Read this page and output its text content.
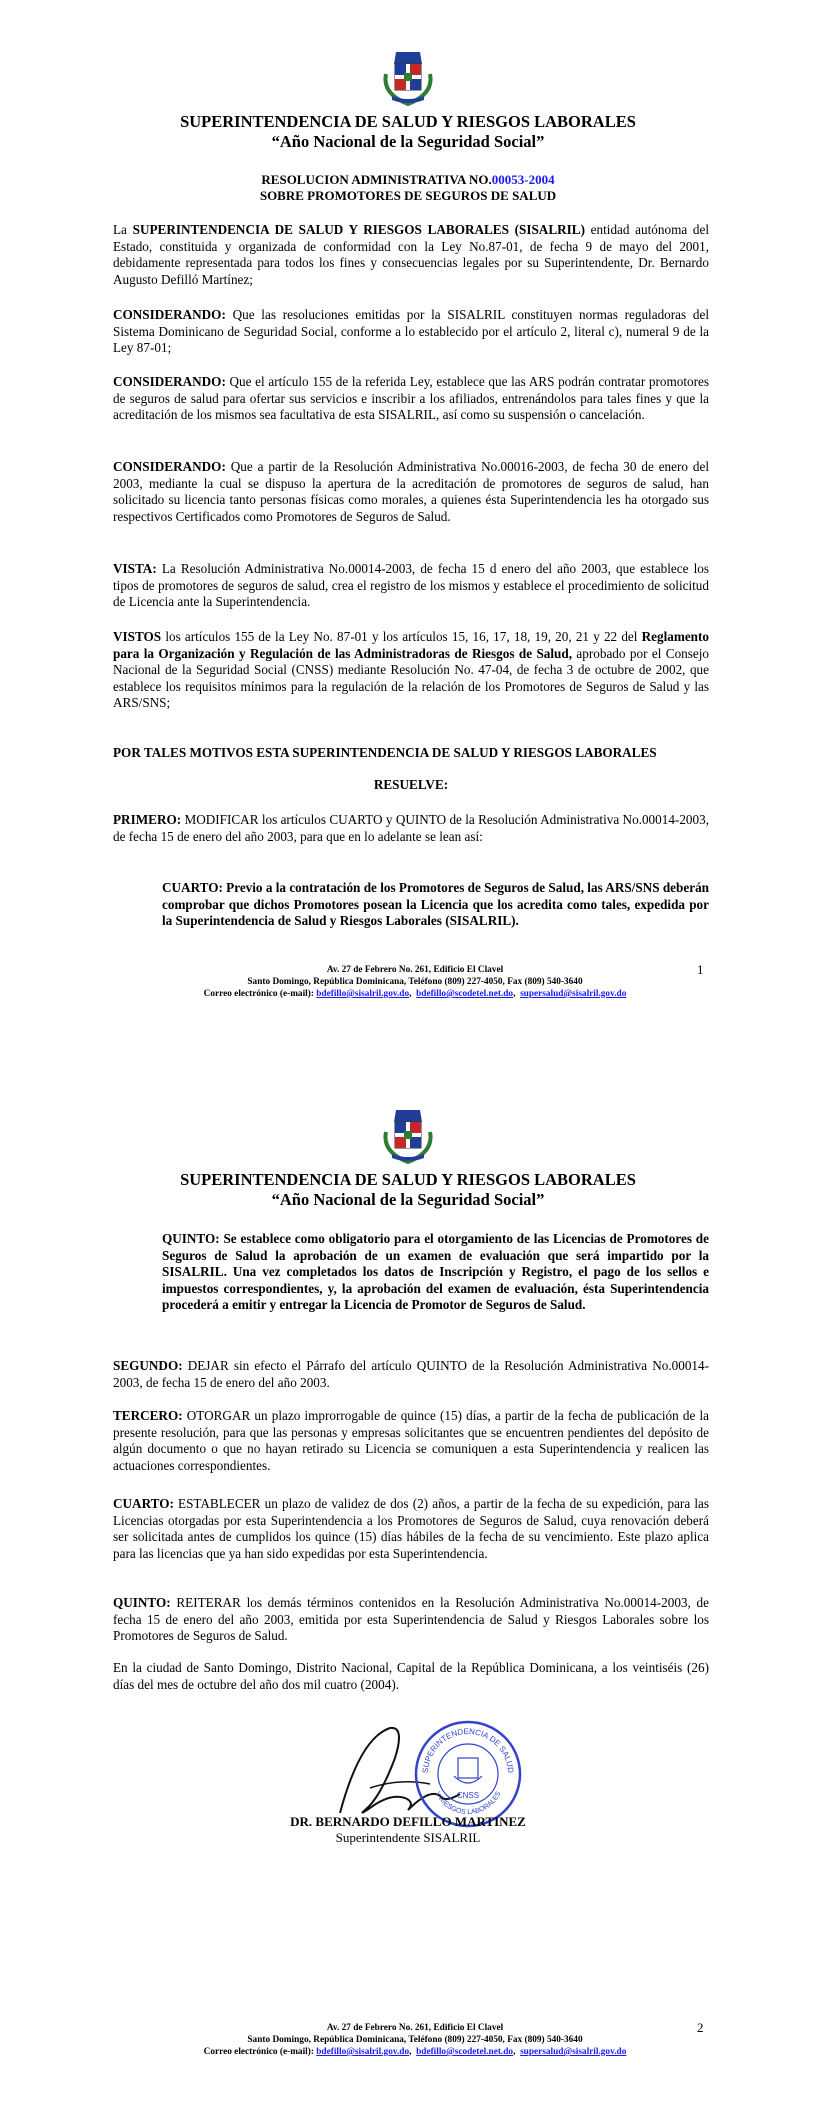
SUPERINTENDENCIA DE SALUD Y RIESGOS LABORALES
“Año Nacional de la Seguridad Social”
RESOLUCION ADMINISTRATIVA NO.00053-2004
SOBRE PROMOTORES DE SEGUROS DE SALUD
La SUPERINTENDENCIA DE SALUD Y RIESGOS LABORALES (SISALRIL) entidad autónoma del Estado, constituida y organizada de conformidad con la Ley No.87-01, de fecha 9 de mayo del 2001, debidamente representada para todos los fines y consecuencias legales por su Superintendente, Dr. Bernardo Augusto Defilló Martínez;
CONSIDERANDO: Que las resoluciones emitidas por la SISALRIL constituyen normas reguladoras del Sistema Dominicano de Seguridad Social, conforme a lo establecido por el artículo 2, literal c), numeral 9 de la Ley 87-01;
CONSIDERANDO: Que el artículo 155 de la referida Ley, establece que las ARS podrán contratar promotores de seguros de salud para ofertar sus servicios e inscribir a los afiliados, entrenándolos para tales fines y que la acreditación de los mismos sea facultativa de esta SISALRIL, así como su suspensión o cancelación.
CONSIDERANDO: Que a partir de la Resolución Administrativa No.00016-2003, de fecha 30 de enero del 2003, mediante la cual se dispuso la apertura de la acreditación de promotores de seguros de salud, han solicitado su licencia tanto personas físicas como morales, a quienes ésta Superintendencia les ha otorgado sus respectivos Certificados como Promotores de Seguros de Salud.
VISTA: La Resolución Administrativa No.00014-2003, de fecha 15 d enero del año 2003, que establece los tipos de promotores de seguros de salud, crea el registro de los mismos y establece el procedimiento de solicitud de Licencia ante la Superintendencia.
VISTOS los artículos 155 de la Ley No. 87-01 y los artículos 15, 16, 17, 18, 19, 20, 21 y 22 del Reglamento para la Organización y Regulación de las Administradoras de Riesgos de Salud, aprobado por el Consejo Nacional de la Seguridad Social (CNSS) mediante Resolución No. 47-04, de fecha 3 de octubre de 2002, que establece los requisitos mínimos para la regulación de la relación de los Promotores de Seguros de Salud y las ARS/SNS;
POR TALES MOTIVOS ESTA SUPERINTENDENCIA DE SALUD Y RIESGOS LABORALES
RESUELVE:
PRIMERO: MODIFICAR los artículos CUARTO y QUINTO de la Resolución Administrativa No.00014-2003, de fecha 15 de enero del año 2003, para que en lo adelante se lean así:
CUARTO: Previo a la contratación de los Promotores de Seguros de Salud, las ARS/SNS deberán comprobar que dichos Promotores posean la Licencia que los acredita como tales, expedida por la Superintendencia de Salud y Riesgos Laborales (SISALRIL).
Av. 27 de Febrero No. 261, Edificio El Clavel
Santo Domingo, República Dominicana, Teléfono (809) 227-4050, Fax (809) 540-3640
Correo electrónico (e-mail): bdefillo@sisalril.gov.do,  bdefillo@scodetel.net.do,  supersalud@sisalril.gov.do
1
SUPERINTENDENCIA DE SALUD Y RIESGOS LABORALES
“Año Nacional de la Seguridad Social”
QUINTO: Se establece como obligatorio para el otorgamiento de las Licencias de Promotores de Seguros de Salud la aprobación de un examen de evaluación que será impartido por la SISALRIL. Una vez completados los datos de Inscripción y Registro, el pago de los sellos e impuestos correspondientes, y, la aprobación del examen de evaluación, ésta Superintendencia procederá a emitir y entregar la Licencia de Promotor de Seguros de Salud.
SEGUNDO: DEJAR sin efecto el Párrafo del artículo QUINTO de la Resolución Administrativa No.00014-2003, de fecha 15 de enero del año 2003.
TERCERO: OTORGAR un plazo improrrogable de quince (15) días, a partir de la fecha de publicación de la presente resolución, para que las personas y empresas solicitantes que se encuentren pendientes del depósito de algún documento o que no hayan retirado su Licencia se comuniquen a esta Superintendencia y realicen las actuaciones correspondientes.
CUARTO: ESTABLECER un plazo de validez de dos (2) años, a partir de la fecha de su expedición, para las Licencias otorgadas por esta Superintendencia a los Promotores de Seguros de Salud, cuya renovación deberá ser solicitada antes de cumplidos los quince (15) días hábiles de la fecha de su vencimiento. Este plazo aplica para las licencias que ya han sido expedidas por esta Superintendencia.
QUINTO: REITERAR los demás términos contenidos en la Resolución Administrativa No.00014-2003, de fecha 15 de enero del año 2003, emitida por esta Superintendencia de Salud y Riesgos Laborales sobre los Promotores de Seguros de Salud.
En la ciudad de Santo Domingo, Distrito Nacional, Capital de la República Dominicana, a los veintiséis (26) días del mes de octubre del año dos mil cuatro (2004).
SUPERINTENDENCIA DE SALUD
Y RIESGOS LABORALES
CNSS
DR. BERNARDO DEFILLO MARTINEZ
Superintendente SISALRIL
Av. 27 de Febrero No. 261, Edificio El Clavel
Santo Domingo, República Dominicana, Teléfono (809) 227-4050, Fax (809) 540-3640
Correo electrónico (e-mail): bdefillo@sisalril.gov.do,  bdefillo@scodetel.net.do,  supersalud@sisalril.gov.do
2
